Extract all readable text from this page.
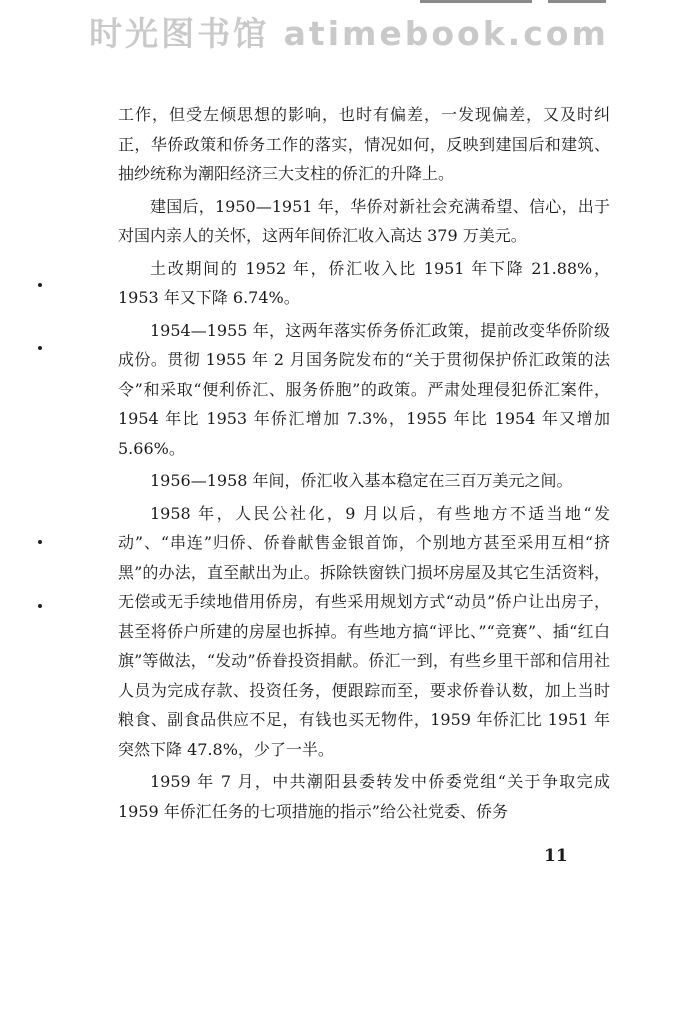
时光图书馆 atimebook.com

工作，但受左倾思想的影响，也时有偏差，一发现偏差，又及时纠正，华侨政策和侨务工作的落实，情况如何，反映到建国后和建筑、抽纱统称为潮阳经济三大支柱的侨汇的升降上。

建国后，1950—1951 年，华侨对新社会充满希望、信心，出于对国内亲人的关怀，这两年间侨汇收入高达 379 万美元。

土改期间的 1952 年，侨汇收入比 1951 年下降 21.88%，1953 年又下降 6.74%。

1954—1955 年，这两年落实侨务侨汇政策，提前改变华侨阶级成份。贯彻 1955 年 2 月国务院发布的“关于贯彻保护侨汇政策的法令”和采取“便利侨汇、服务侨胞”的政策。严肃处理侵犯侨汇案件，1954 年比 1953 年侨汇增加 7.3%，1955 年比 1954 年又增加 5.66%。

1956—1958 年间，侨汇收入基本稳定在三百万美元之间。

1958 年，人民公社化，9 月以后，有些地方不适当地“发动”、“串连”归侨、侨眷献售金银首饰，个别地方甚至采用互相“挤黑”的办法，直至献出为止。拆除铁窗铁门损坏房屋及其它生活资料，无偿或无手续地借用侨房，有些采用规划方式“动员”侨户让出房子，甚至将侨户所建的房屋也拆掉。有些地方搞“评比、”“竞赛”、插“红白旗”等做法，“发动”侨眷投资捐献。侨汇一到，有些乡里干部和信用社人员为完成存款、投资任务，便跟踪而至，要求侨眷认数，加上当时粮食、副食品供应不足，有钱也买无物件，1959 年侨汇比 1951 年突然下降 47.8%，少了一半。

1959 年 7 月，中共潮阳县委转发中侨委党组“关于争取完成 1959 年侨汇任务的七项措施的指示”给公社党委、侨务

11
